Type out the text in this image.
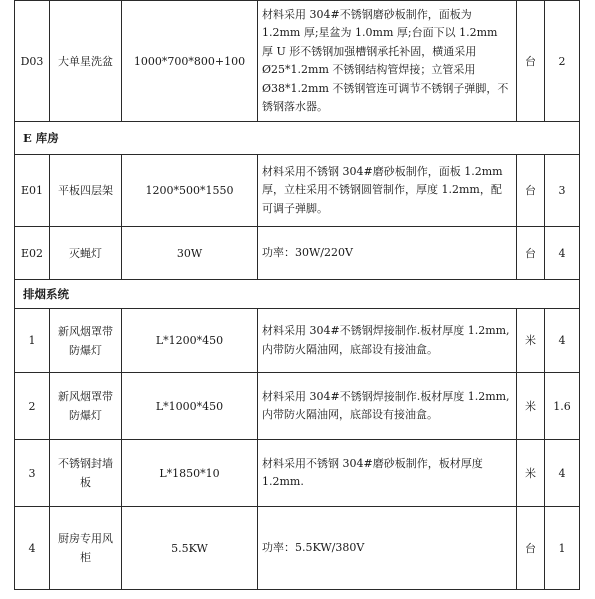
D03	大单星洗盆	1000*700*800+100	材料采用 304#不锈钢磨砂板制作，面板为 1.2mm 厚;星盆为 1.0mm 厚;台面下以 1.2mm 厚 U 形不锈钢加强槽钢承托补固，横通采用Ø25*1.2mm 不锈钢结构管焊接；立管采用Ø38*1.2mm 不锈钢管连可调节不锈钢子弹脚，不锈钢落水器。	台	2
E 库房					
E01	平板四层架	1200*500*1550	材料采用不锈钢 304#磨砂板制作，面板 1.2mm 厚，立柱采用不锈钢圆管制作，厚度 1.2mm，配可调子弹脚。	台	3
E02	灭蝇灯	30W	功率：30W/220V	台	4
排烟系统					
1	新风烟罩带防爆灯	L*1200*450	材料采用 304#不锈钢焊接制作.板材厚度 1.2mm,内带防火隔油网，底部设有接油盒。	米	4
2	新风烟罩带防爆灯	L*1000*450	材料采用 304#不锈钢焊接制作.板材厚度 1.2mm,内带防火隔油网，底部设有接油盒。	米	1.6
3	不锈钢封墙板	L*1850*10	材料采用不锈钢 304#磨砂板制作，板材厚度 1.2mm.	米	4
4	厨房专用风柜	5.5KW	功率：5.5KW/380V	台	1
